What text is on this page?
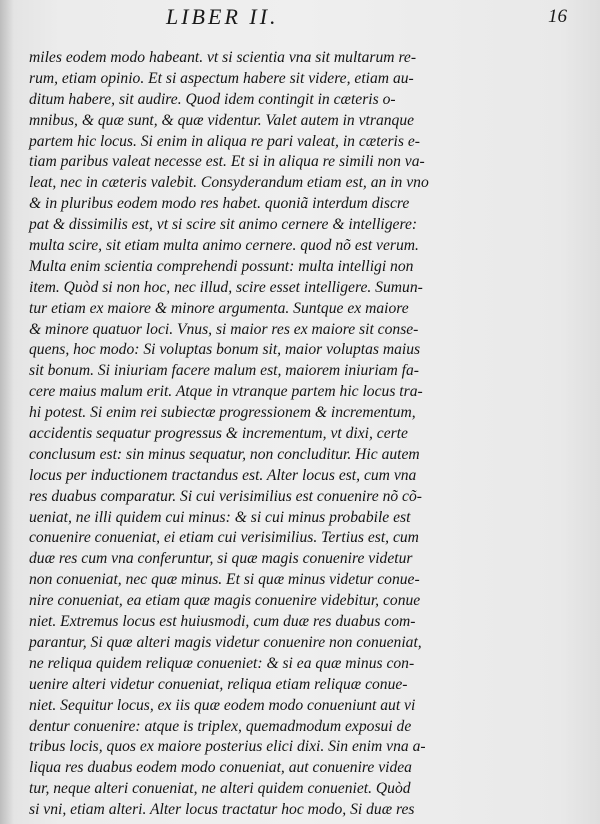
LIBER II.	16
miles eodem modo habeant. vt si scientia vna sit multarum re-
rum, etiam opinio. Et si aspectum habere sit videre, etiam au-
ditum habere, sit audire. Quod idem contingit in cæteris o-
mnibus, & quæ sunt, & quæ videntur. Valet autem in vtranque
partem hic locus. Si enim in aliqua re pari valeat, in cæteris e-
tiam paribus valeat necesse est. Et si in aliqua re simili non va-
leat, nec in cæteris valebit. Consyderandum etiam est, an in vno
& in pluribus eodem modo res habet. quoniã interdum discre
pat & dissimilis est, vt si scire sit animo cernere & intelligere:
multa scire, sit etiam multa animo cernere. quod nõ est verum.
Multa enim scientia comprehendi possunt: multa intelligi non
item. Quòd si non hoc, nec illud, scire esset intelligere. Sumun-
tur etiam ex maiore & minore argumenta. Suntque ex maiore
& minore quatuor loci. Vnus, si maior res ex maiore sit conse-
quens, hoc modo: Si voluptas bonum sit, maior voluptas maius
sit bonum. Si iniuriam facere malum est, maiorem iniuriam fa-
cere maius malum erit. Atque in vtranque partem hic locus tra-
hi potest. Si enim rei subiectæ progressionem & incrementum,
accidentis sequatur progressus & incrementum, vt dixi, certe
conclusum est: sin minus sequatur, non concluditur. Hic autem
locus per inductionem tractandus est. Alter locus est, cum vna
res duabus comparatur. Si cui verisimilius est conuenire nõ cõ-
ueniat, ne illi quidem cui minus: & si cui minus probabile est
conuenire conueniat, ei etiam cui verisimilius. Tertius est, cum
duæ res cum vna conferuntur, si quæ magis conuenire videtur
non conueniat, nec quæ minus. Et si quæ minus videtur conue-
nire conueniat, ea etiam quæ magis conuenire videbitur, conue
niet. Extremus locus est huiusmodi, cum duæ res duabus com-
parantur, Si quæ alteri magis videtur conuenire non conueniat,
ne reliqua quidem reliquæ conueniet: & si ea quæ minus con-
uenire alteri videtur conueniat, reliqua etiam reliquæ conue-
niet. Sequitur locus, ex iis quæ eodem modo conueniunt aut vi
dentur conuenire: atque is triplex, quemadmodum exposui de
tribus locis, quos ex maiore posterius elici dixi. Sin enim vna a-
liqua res duabus eodem modo conueniat, aut conuenire videa
tur, neque alteri conueniat, ne alteri quidem conueniet. Quòd
si vni, etiam alteri. Alter locus tractatur hoc modo, Si duæ res
